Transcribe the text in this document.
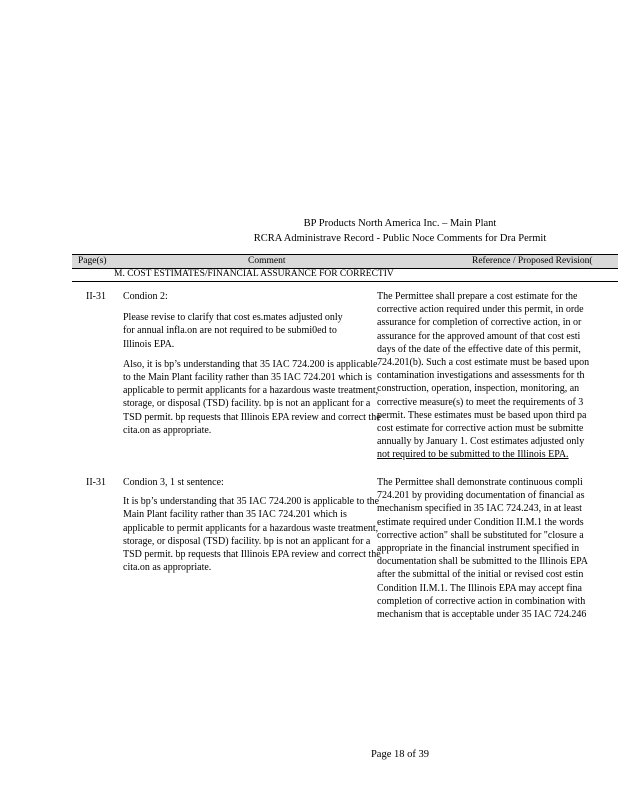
BP Products North America Inc. – Main Plant
RCRA Administrave Record - Public Noce Comments for Dra Permit
Page(s)	Comment	Reference / Proposed Revision(
M. COST ESTIMATES/FINANCIAL ASSURANCE FOR CORRECTIV
II-31 Condion 2:

Please revise to clarify that cost es.mates adjusted only for annual infla.on are not required to be submi0ed to Illinois EPA.

Also, it is bp’s understanding that 35 IAC 724.200 is applicable to the Main Plant facility rather than 35 IAC 724.201 which is applicable to permit applicants for a hazardous waste treatment, storage, or disposal (TSD) facility. bp is not an applicant for a TSD permit. bp requests that Illinois EPA review and correct the cita.on as appropriate.

The Permittee shall prepare a cost estimate for the
corrective action required under this permit, in orde
assurance for completion of corrective action, in or
assurance for the approved amount of that cost esti
days of the date of the effective date of this permit,
724.201(b). Such a cost estimate must be based upon
contamination investigations and assessments for th
construction, operation, inspection, monitoring, an
corrective measure(s) to meet the requirements of 3
permit. These estimates must be based upon third pa
cost estimate for corrective action must be submitte
annually by January 1. Cost estimates adjusted only
not required to be submitted to the Illinois EPA.
II-31 Condion 3, 1 st sentence:

It is bp’s understanding that 35 IAC 724.200 is applicable to the Main Plant facility rather than 35 IAC 724.201 which is applicable to permit applicants for a hazardous waste treatment, storage, or disposal (TSD) facility. bp is not an applicant for a TSD permit. bp requests that Illinois EPA review and correct the cita.on as appropriate.

The Permittee shall demonstrate continuous compli
724.201 by providing documentation of financial as
mechanism specified in 35 IAC 724.243, in at least
estimate required under Condition II.M.1 the words
corrective action" shall be substituted for "closure a
appropriate in the financial instrument specified in
documentation shall be submitted to the Illinois EPA
after the submittal of the initial or revised cost estin
Condition II.M.1. The Illinois EPA may accept fina
completion of corrective action in combination with
mechanism that is acceptable under 35 IAC 724.246
Page 18 of 39
